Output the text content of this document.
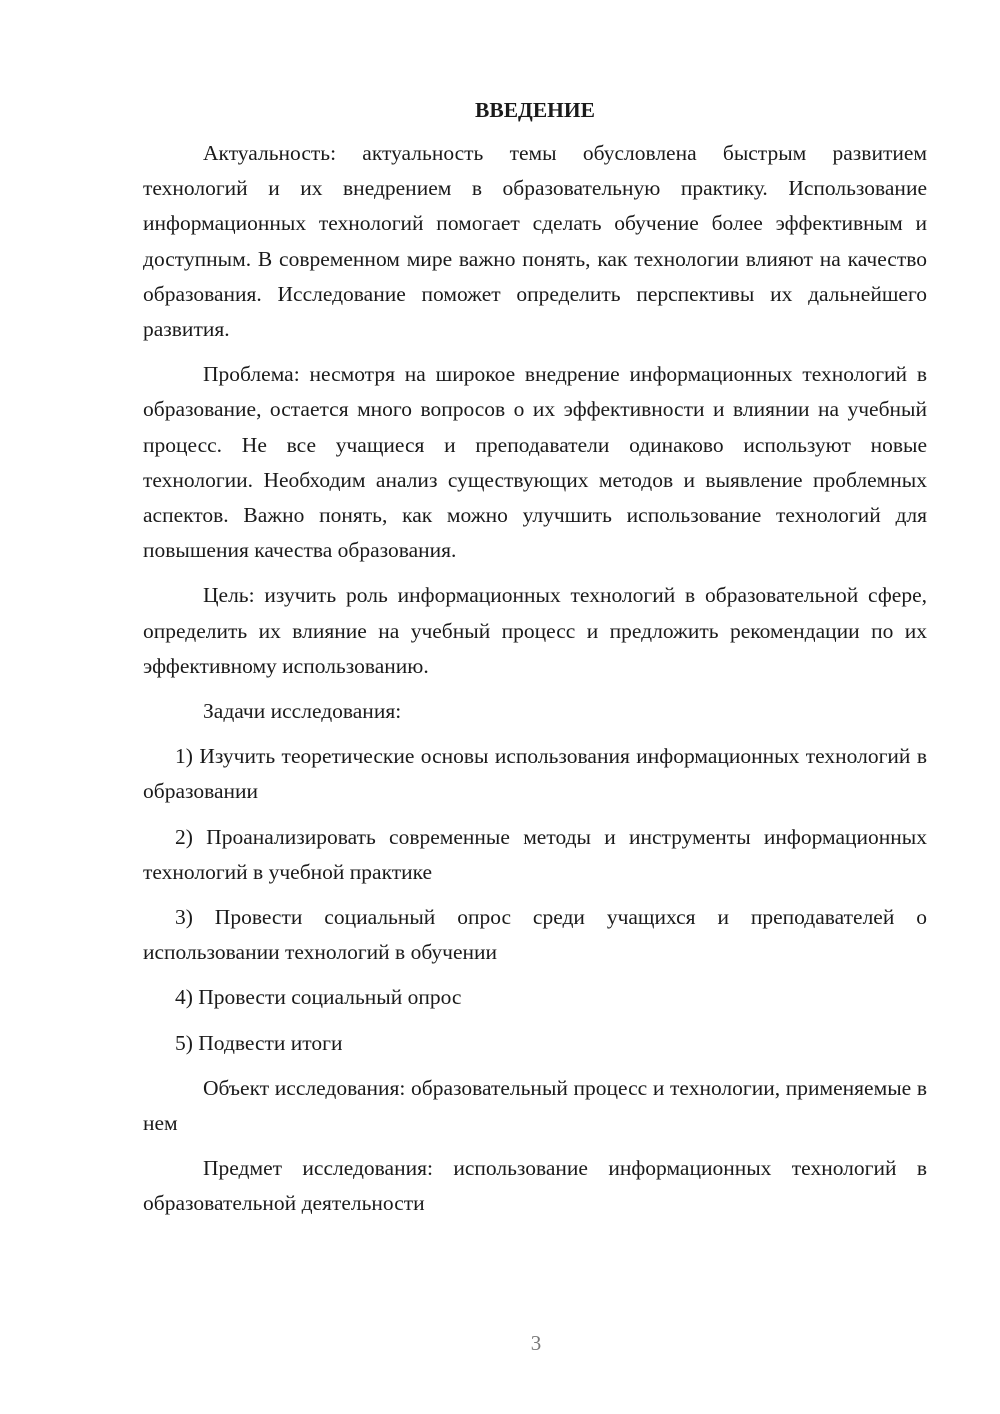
ВВЕДЕНИЕ

Актуальность: актуальность темы обусловлена быстрым развитием технологий и их внедрением в образовательную практику. Использование информационных технологий помогает сделать обучение более эффективным и доступным. В современном мире важно понять, как технологии влияют на качество образования. Исследование поможет определить перспективы их дальнейшего развития.

Проблема: несмотря на широкое внедрение информационных технологий в образование, остается много вопросов о их эффективности и влиянии на учебный процесс. Не все учащиеся и преподаватели одинаково используют новые технологии. Необходим анализ существующих методов и выявление проблемных аспектов. Важно понять, как можно улучшить использование технологий для повышения качества образования.

Цель: изучить роль информационных технологий в образовательной сфере, определить их влияние на учебный процесс и предложить рекомендации по их эффективному использованию.

Задачи исследования:

1) Изучить теоретические основы использования информационных технологий в образовании

2) Проанализировать современные методы и инструменты информационных технологий в учебной практике

3) Провести социальный опрос среди учащихся и преподавателей о использовании технологий в обучении

4) Провести социальный опрос

5) Подвести итоги

Объект исследования: образовательный процесс и технологии, применяемые в нем

Предмет исследования: использование информационных технологий в образовательной деятельности

3
